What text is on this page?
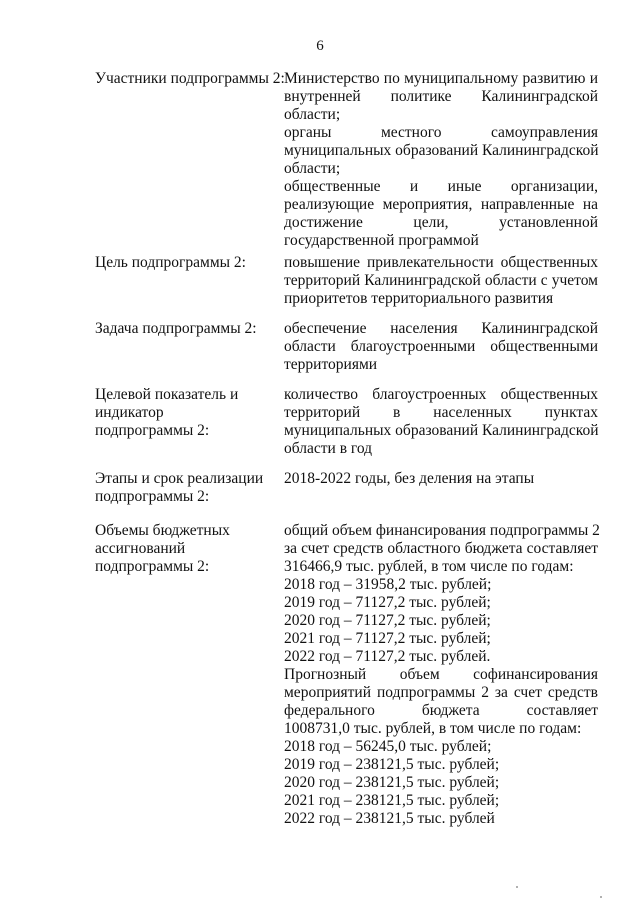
6
Участники подпрограммы 2: Министерство по муниципальному развитию и
внутренней политике Калининградской
области;
органы местного самоуправления
муниципальных образований Калининградской
области;
общественные и иные организации,
реализующие мероприятия, направленные на
достижение цели, установленной
государственной программой
Цель подпрограммы 2:	повышение привлекательности общественных
территорий Калининградской области с учетом
приоритетов территориального развития
Задача подпрограммы 2:	обеспечение населения Калининградской
области благоустроенными общественными
территориями
Целевой показатель и
индикатор
подпрограммы 2:
количество благоустроенных общественных
территорий в населенных пунктах
муниципальных образований Калининградской
области в год
Этапы и срок реализации
подпрограммы 2:
2018-2022 годы, без деления на этапы
Объемы бюджетных
ассигнований
подпрограммы 2:
общий объем финансирования подпрограммы 2
за счет средств областного бюджета составляет
316466,9 тыс. рублей, в том числе по годам:
2018 год – 31958,2 тыс. рублей;
2019 год – 71127,2 тыс. рублей;
2020 год – 71127,2 тыс. рублей;
2021 год – 71127,2 тыс. рублей;
2022 год – 71127,2 тыс. рублей.
Прогнозный объем софинансирования
мероприятий подпрограммы 2 за счет средств
федерального бюджета составляет
1008731,0 тыс. рублей, в том числе по годам:
2018 год – 56245,0 тыс. рублей;
2019 год – 238121,5 тыс. рублей;
2020 год – 238121,5 тыс. рублей;
2021 год – 238121,5 тыс. рублей;
2022 год – 238121,5 тыс. рублей
